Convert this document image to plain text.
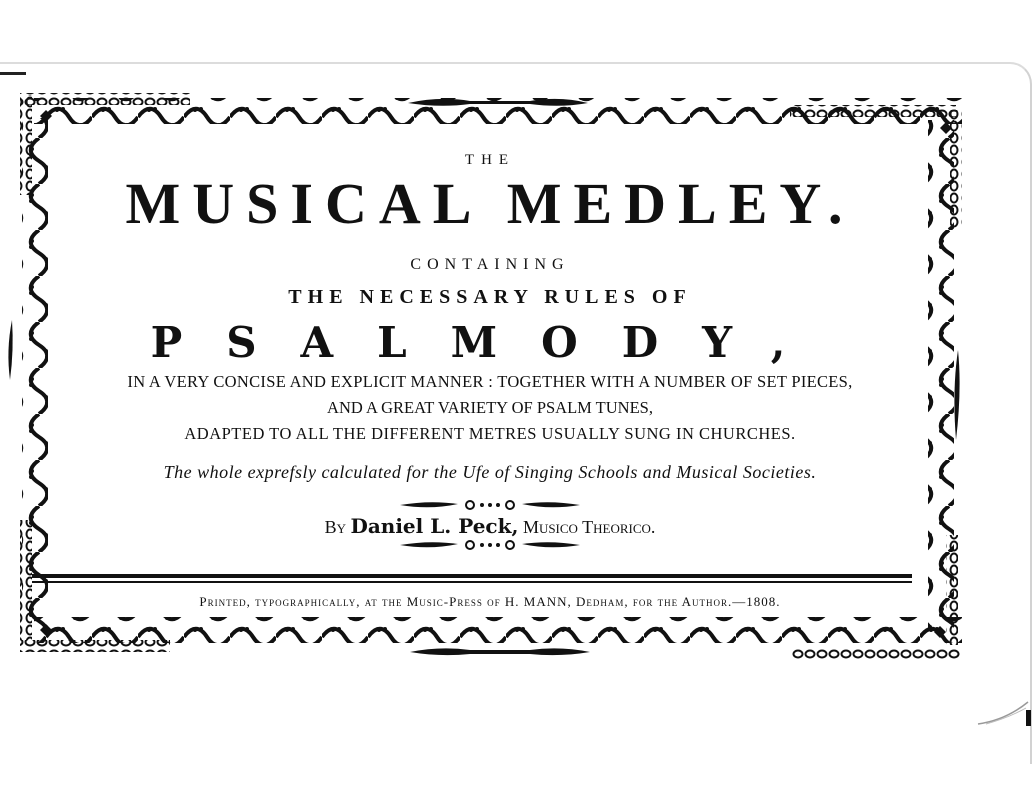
THE
MUSICAL MEDLEY.
CONTAINING
THE NECESSARY RULES OF
PSALMODY,
IN A VERY CONCISE AND EXPLICIT MANNER : TOGETHER WITH A NUMBER OF SET PIECES,
AND A GREAT VARIETY OF PSALM TUNES,
ADAPTED TO ALL THE DIFFERENT METRES USUALLY SUNG IN CHURCHES.
The whole exprefsly calculated for the Ufe of Singing Schools and Musical Societies.
By Daniel L. Peck, Musico Theorico.
Printed, typographically, at the Music-Press of H. MANN, Dedham, for the Author.—1808.
